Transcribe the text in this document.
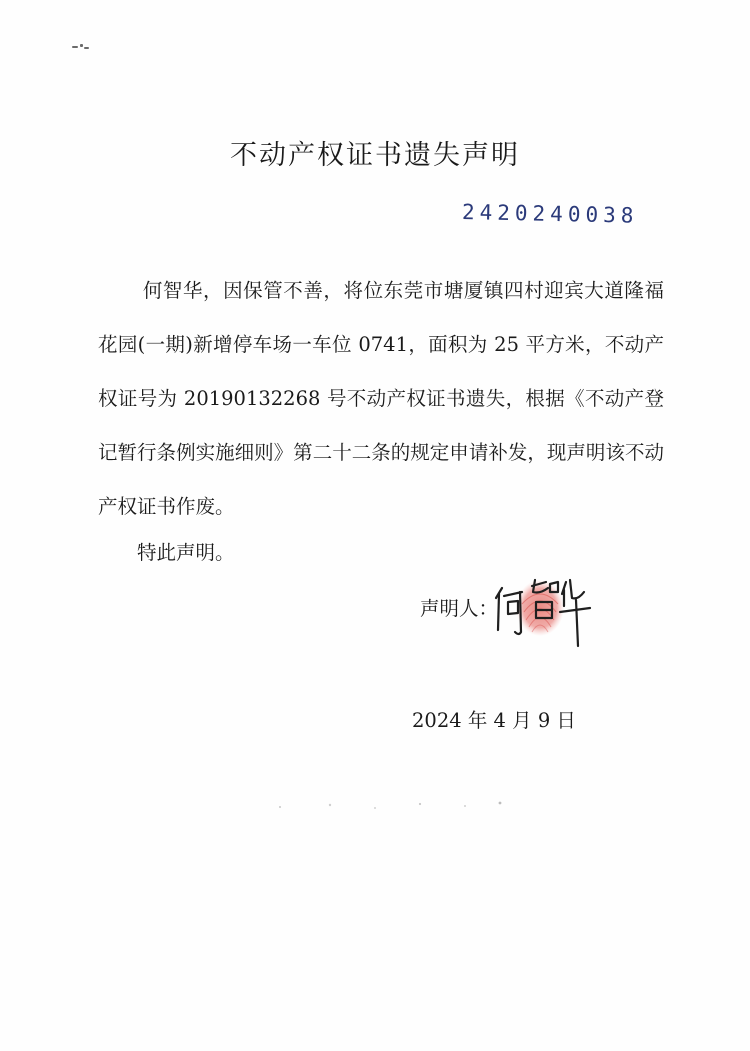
不动产权证书遗失声明
2420240038

何智华，因保管不善，将位东莞市塘厦镇四村迎宾大道隆福花园(一期)新增停车场一车位 0741，面积为 25 平方米，不动产权证号为 20190132268 号不动产权证书遗失，根据《不动产登记暂行条例实施细则》第二十二条的规定申请补发，现声明该不动产权证书作废。

特此声明。
声明人：
2024 年 4 月 9 日
